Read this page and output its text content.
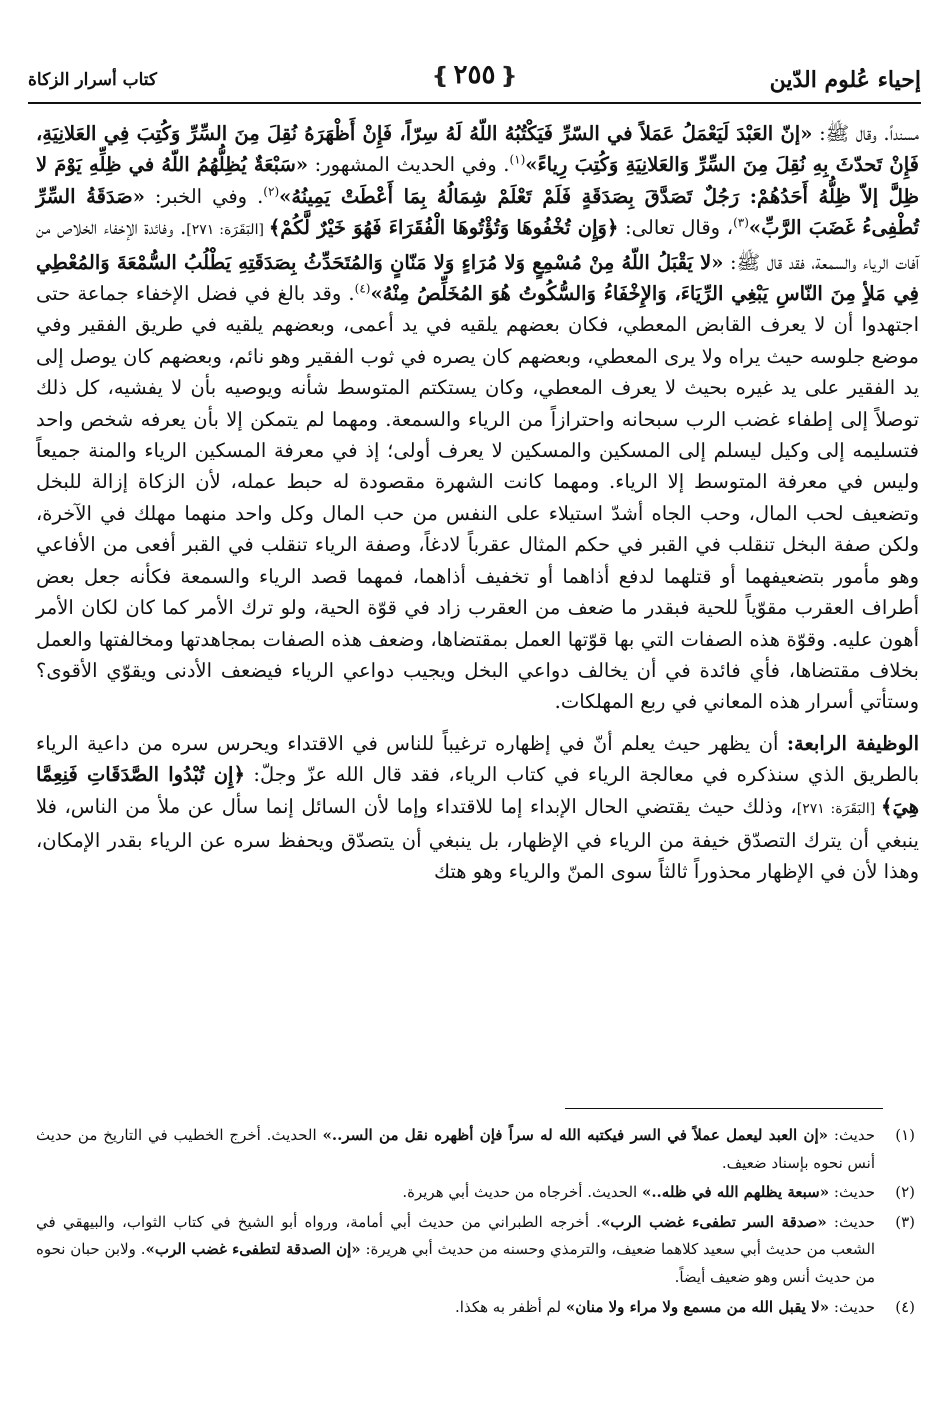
إحياء عُلوم الدّين
❴ ٢٥٥ ❵
كتاب أسرار الزكاة

مسنداً. وقال ﷺ: «إنّ العَبْدَ لَيَعْمَلُ عَمَلاً في السّرِّ فَيَكْتُبُهُ اللّهُ لَهُ سِرّاً، فَإِنْ أَظْهَرَهُ نُقِلَ مِنَ السِّرِّ وَكُتِبَ فِي العَلانِيَةِ، فَإِنْ تَحدّثَ بِهِ نُقِلَ مِنَ السِّرِّ وَالعَلانِيَةِ وَكُتِبَ رِياءً»$^{(١)}$. وفي الحديث المشهور: «سَبْعَةٌ يُظِلُّهُمُ اللّهُ في ظِلِّهِ يَوْمَ لا ظِلَّ إلاّ ظِلُّهُ أَحَدُهُمْ: رَجُلٌ تَصَدَّقَ بِصَدَقَةٍ فَلَمْ تَعْلَمْ شِمَالُهُ بِمَا أَعْطَتْ يَمِينُهُ»$^{(٢)}$. وفي الخبر: «صَدَقَةُ السِّرِّ تُطْفِىءُ غَضَبَ الرَّبِّ»$^{(٣)}$، وقال تعالى: ﴿وَإِن تُخْفُوهَا وَتُؤْتُوهَا الْفُقَرَاءَ فَهُوَ خَيْرٌ لَّكُمْ﴾ [البَقَرَة: ٢٧١]. وفائدة الإخفاء الخلاص من آفات الرياء والسمعة، فقد قال ﷺ: «لا يَقْبَلُ اللّهُ مِنْ مُسْمِعٍ وَلا مُرَاءٍ وَلا مَنّانٍ وَالمُتَحَدِّثُ بِصَدَقَتِهِ يَطْلُبُ السُّمْعَةَ وَالمُعْطِي فِي مَلأٍ مِنَ النّاسِ يَبْغِي الرِّيَاءَ، وَالإِخْفَاءُ وَالسُّكُوتُ هُوَ المُخَلِّصُ مِنْهُ»$^{(٤)}$. وقد بالغ في فضل الإخفاء جماعة حتى اجتهدوا أن لا يعرف القابض المعطي، فكان بعضهم يلقيه في يد أعمى، وبعضهم يلقيه في طريق الفقير وفي موضع جلوسه حيث يراه ولا يرى المعطي، وبعضهم كان يصره في ثوب الفقير وهو نائم، وبعضهم كان يوصل إلى يد الفقير على يد غيره بحيث لا يعرف المعطي، وكان يستكتم المتوسط شأنه ويوصيه بأن لا يفشيه، كل ذلك توصلاً إلى إطفاء غضب الرب سبحانه واحترازاً من الرياء والسمعة. ومهما لم يتمكن إلا بأن يعرفه شخص واحد فتسليمه إلى وكيل ليسلم إلى المسكين والمسكين لا يعرف أولى؛ إذ في معرفة المسكين الرياء والمنة جميعاً وليس في معرفة المتوسط إلا الرياء. ومهما كانت الشهرة مقصودة له حبط عمله، لأن الزكاة إزالة للبخل وتضعيف لحب المال، وحب الجاه أشدّ استيلاء على النفس من حب المال وكل واحد منهما مهلك في الآخرة، ولكن صفة البخل تنقلب في القبر في حكم المثال عقرباً لادغاً، وصفة الرياء تنقلب في القبر أفعى من الأفاعي وهو مأمور بتضعيفهما أو قتلهما لدفع أذاهما أو تخفيف أذاهما، فمهما قصد الرياء والسمعة فكأنه جعل بعض أطراف العقرب مقوّياً للحية فبقدر ما ضعف من العقرب زاد في قوّة الحية، ولو ترك الأمر كما كان لكان الأمر أهون عليه. وقوّة هذه الصفات التي بها قوّتها العمل بمقتضاها، وضعف هذه الصفات بمجاهدتها ومخالفتها والعمل بخلاف مقتضاها، فأي فائدة في أن يخالف دواعي البخل ويجيب دواعي الرياء فيضعف الأدنى ويقوّي الأقوى؟ وستأتي أسرار هذه المعاني في ربع المهلكات.

الوظيفة الرابعة: أن يظهر حيث يعلم أنّ في إظهاره ترغيباً للناس في الاقتداء ويحرس سره من داعية الرياء بالطريق الذي سنذكره في معالجة الرياء في كتاب الرياء، فقد قال الله عزّ وجلّ: ﴿إِن تُبْدُوا الصَّدَقَاتِ فَنِعِمَّا هِيَ﴾ [البَقَرَة: ٢٧١]، وذلك حيث يقتضي الحال الإبداء إما للاقتداء وإما لأن السائل إنما سأل عن ملأ من الناس، فلا ينبغي أن يترك التصدّق خيفة من الرياء في الإظهار، بل ينبغي أن يتصدّق ويحفظ سره عن الرياء بقدر الإمكان، وهذا لأن في الإظهار محذوراً ثالثاً سوى المنّ والرياء وهو هتك

(١)
حديث: «إن العبد ليعمل عملاً في السر فيكتبه الله له سراً فإن أظهره نقل من السر..» الحديث. أخرج الخطيب في التاريخ من حديث أنس نحوه بإسناد ضعيف.
(٢)
حديث: «سبعة يظلهم الله في ظله..» الحديث. أخرجاه من حديث أبي هريرة.
(٣)
حديث: «صدقة السر تطفىء غضب الرب». أخرجه الطبراني من حديث أبي أمامة، ورواه أبو الشيخ في كتاب الثواب، والبيهقي في الشعب من حديث أبي سعيد كلاهما ضعيف، والترمذي وحسنه من حديث أبي هريرة: «إن الصدقة لتطفىء غضب الرب». ولابن حبان نحوه من حديث أنس وهو ضعيف أيضاً.
(٤)
حديث: «لا يقبل الله من مسمع ولا مراء ولا منان» لم أظفر به هكذا.
